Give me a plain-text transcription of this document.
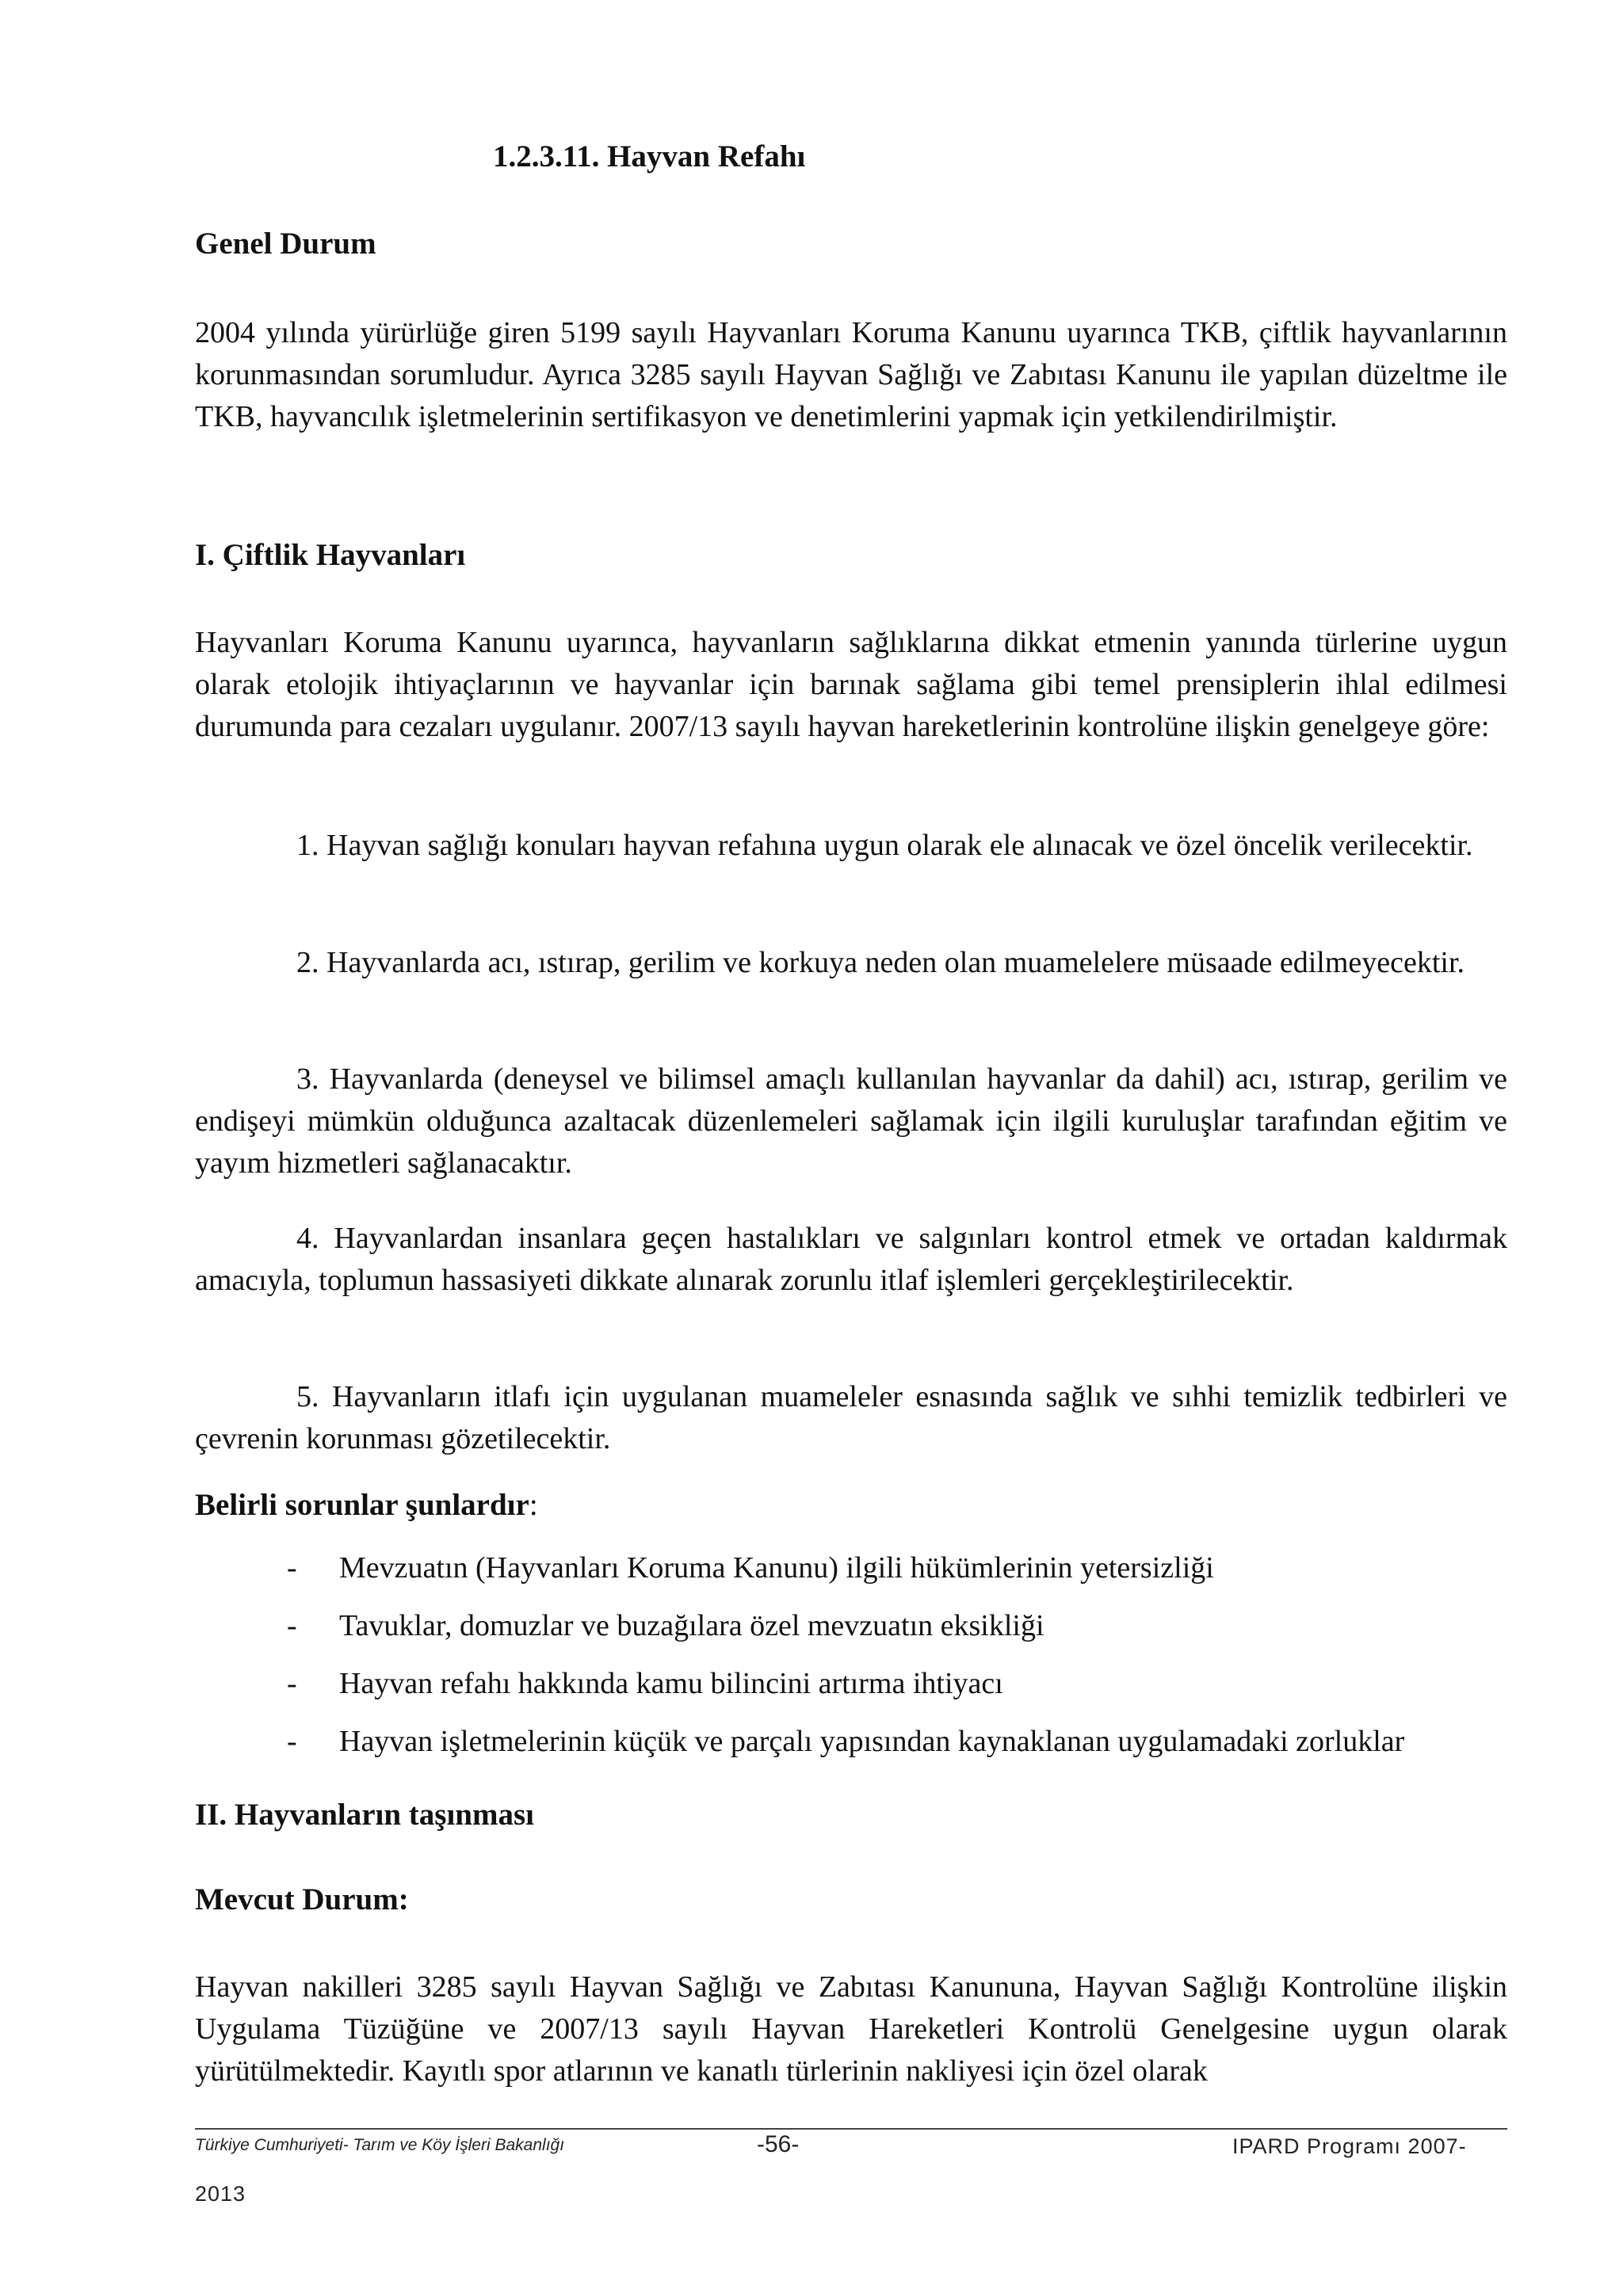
1.2.3.11. Hayvan Refahı
Genel Durum

2004 yılında yürürlüğe giren 5199 sayılı Hayvanları Koruma Kanunu uyarınca TKB, çiftlik hayvanlarının korunmasından sorumludur. Ayrıca 3285 sayılı Hayvan Sağlığı ve Zabıtası Kanunu ile yapılan düzeltme ile TKB, hayvancılık işletmelerinin sertifikasyon ve denetimlerini yapmak için yetkilendirilmiştir.

I. Çiftlik Hayvanları

Hayvanları Koruma Kanunu uyarınca, hayvanların sağlıklarına dikkat etmenin yanında türlerine uygun olarak etolojik ihtiyaçlarının ve hayvanlar için barınak sağlama gibi temel prensiplerin ihlal edilmesi durumunda para cezaları uygulanır. 2007/13 sayılı hayvan hareketlerinin kontrolüne ilişkin genelgeye göre:

1. Hayvan sağlığı konuları hayvan refahına uygun olarak ele alınacak ve özel öncelik verilecektir.

2. Hayvanlarda acı, ıstırap, gerilim ve korkuya neden olan muamelelere müsaade edilmeyecektir.

3. Hayvanlarda (deneysel ve bilimsel amaçlı kullanılan hayvanlar da dahil) acı, ıstırap, gerilim ve endişeyi mümkün olduğunca azaltacak düzenlemeleri sağlamak için ilgili kuruluşlar tarafından eğitim ve yayım hizmetleri sağlanacaktır.

4. Hayvanlardan insanlara geçen hastalıkları ve salgınları kontrol etmek ve ortadan kaldırmak amacıyla, toplumun hassasiyeti dikkate alınarak zorunlu itlaf işlemleri gerçekleştirilecektir.

5. Hayvanların itlafı için uygulanan muameleler esnasında sağlık ve sıhhi temizlik tedbirleri ve çevrenin korunması gözetilecektir.

Belirli sorunlar şunlardır:
-	Mevzuatın (Hayvanları Koruma Kanunu) ilgili hükümlerinin yetersizliği
-	Tavuklar, domuzlar ve buzağılara özel mevzuatın eksikliği
-	Hayvan refahı hakkında kamu bilincini artırma ihtiyacı
-	Hayvan işletmelerinin küçük ve parçalı yapısından kaynaklanan uygulamadaki zorluklar
II. Hayvanların taşınması
Mevcut Durum:

Hayvan nakilleri 3285 sayılı Hayvan Sağlığı ve Zabıtası Kanununa, Hayvan Sağlığı Kontrolüne ilişkin Uygulama Tüzüğüne ve 2007/13 sayılı Hayvan Hareketleri Kontrolü Genelgesine uygun olarak yürütülmektedir. Kayıtlı spor atlarının ve kanatlı türlerinin nakliyesi için özel olarak

Türkiye Cumhuriyeti- Tarım ve Köy İşleri Bakanlığı	-56-	IPARD Programı 2007-
2013
